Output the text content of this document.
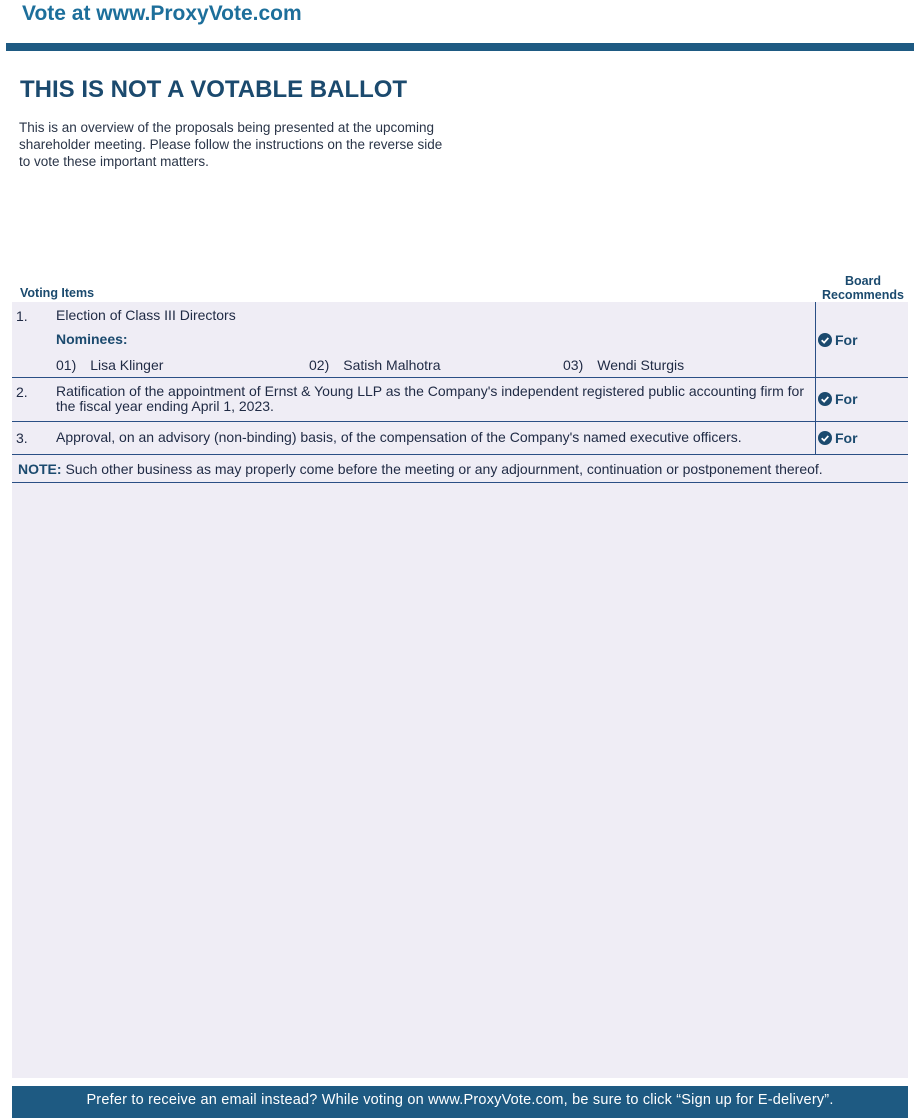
Vote at www.ProxyVote.com
THIS IS NOT A VOTABLE BALLOT
This is an overview of the proposals being presented at the upcoming shareholder meeting. Please follow the instructions on the reverse side to vote these important matters.
Voting Items
Board Recommends
1. Election of Class III Directors
Nominees:
01) Lisa Klinger	02) Satish Malhotra	03) Wendi Sturgis
For
2. Ratification of the appointment of Ernst & Young LLP as the Company's independent registered public accounting firm for the fiscal year ending April 1, 2023.	For
3. Approval, on an advisory (non-binding) basis, of the compensation of the Company's named executive officers.	For
NOTE: Such other business as may properly come before the meeting or any adjournment, continuation or postponement thereof.
Prefer to receive an email instead? While voting on www.ProxyVote.com, be sure to click “Sign up for E-delivery”.
